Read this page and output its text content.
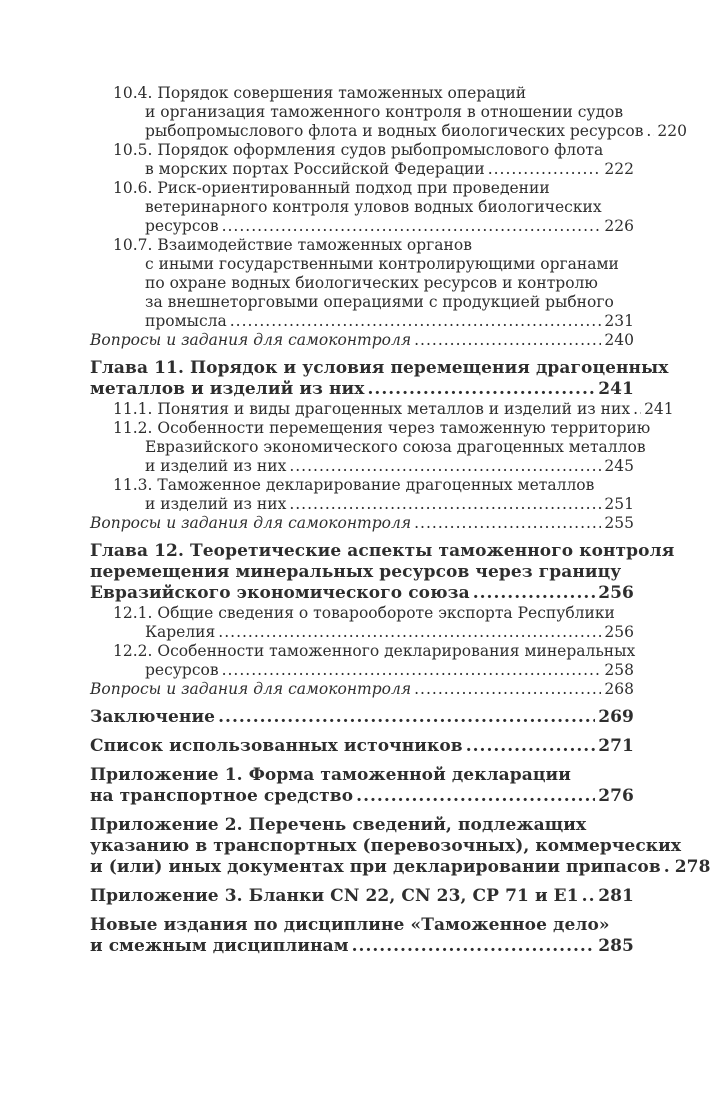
10.4. Порядок совершения таможенных операций
и организация таможенного контроля в отношении судов
рыбопромыслового флота и водных биологических ресурсов ..... 220
10.5. Порядок оформления судов рыбопромыслового флота
в морских портах Российской Федерации .....	222
10.6. Риск-ориентированный подход при проведении
ветеринарного контроля уловов водных биологических
ресурсов .....	226
10.7. Взаимодействие таможенных органов
с иными государственными контролирующими органами
по охране водных биологических ресурсов и контролю
за внешнеторговыми операциями с продукцией рыбного
промысла .....	231
Вопросы и задания для самоконтроля .....	240
Глава 11. Порядок и условия перемещения драгоценных
металлов и изделий из них .....	241
11.1. Понятия и виды драгоценных металлов и изделий из них ..... 241
11.2. Особенности перемещения через таможенную территорию
Евразийского экономического союза драгоценных металлов
и изделий из них .....	245
11.3. Таможенное декларирование драгоценных металлов
и изделий из них .....	251
Вопросы и задания для самоконтроля .....	255
Глава 12. Теоретические аспекты таможенного контроля
перемещения минеральных ресурсов через границу
Евразийского экономического союза .....	256
12.1. Общие сведения о товарообороте экспорта Республики
Карелия .....	256
12.2. Особенности таможенного декларирования минеральных
ресурсов .....	258
Вопросы и задания для самоконтроля .....	268
Заключение .....	269
Список использованных источников .....	271
Приложение 1. Форма таможенной декларации
на транспортное средство .....	276
Приложение 2. Перечень сведений, подлежащих
указанию в транспортных (перевозочных), коммерческих
и (или) иных документах при декларировании припасов ..... 278
Приложение 3. Бланки CN 22, CN 23, CP 71 и E1 ..... 281
Новые издания по дисциплине «Таможенное дело»
и смежным дисциплинам .....	285
